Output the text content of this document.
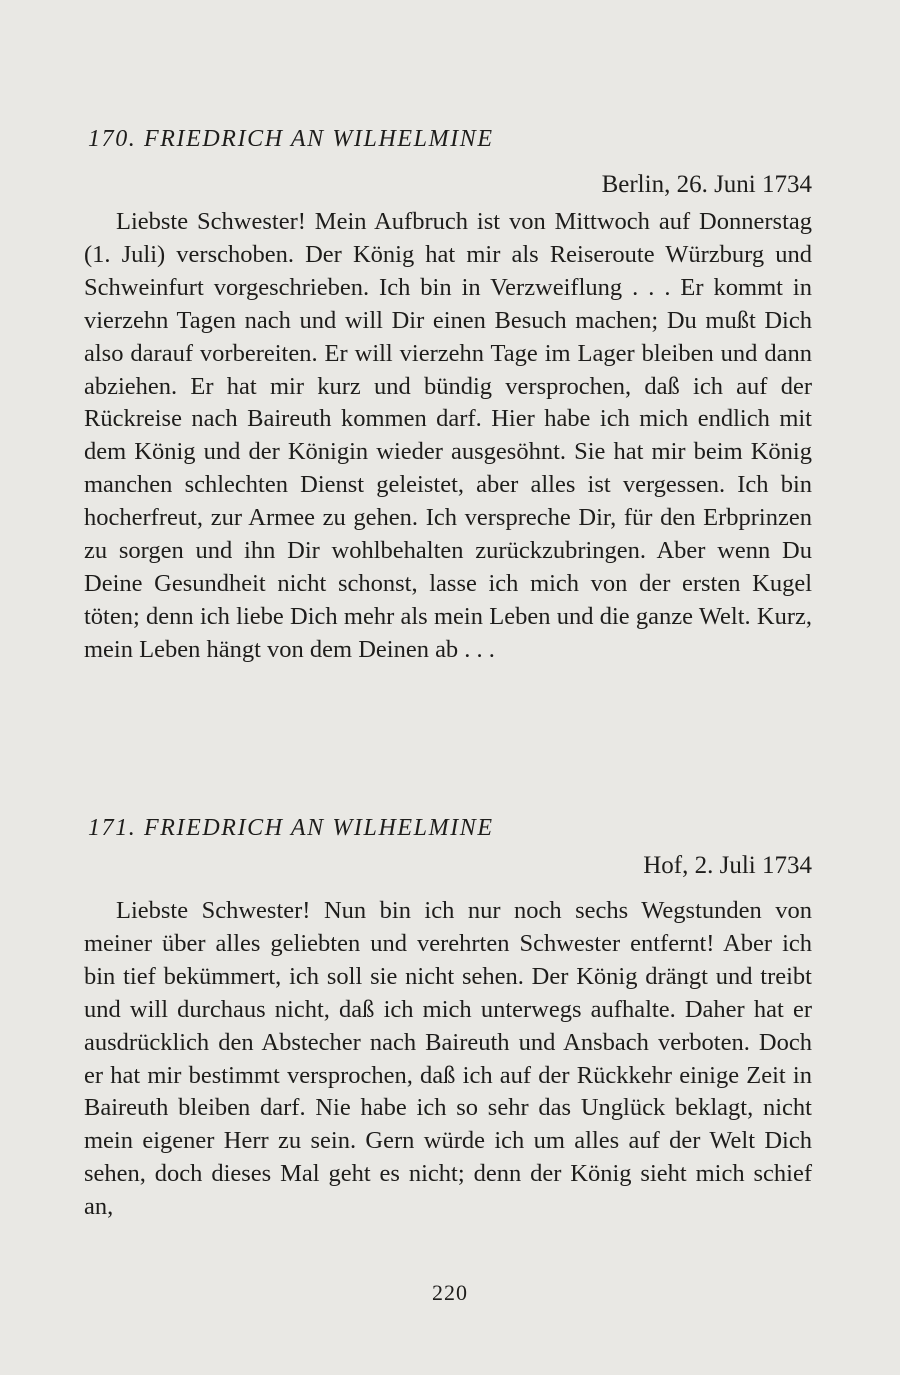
170. FRIEDRICH AN WILHELMINE
Berlin, 26. Juni 1734

Liebste Schwester! Mein Aufbruch ist von Mittwoch auf Donnerstag (1. Juli) verschoben. Der König hat mir als Reiseroute Würzburg und Schweinfurt vorgeschrieben. Ich bin in Verzweiflung . . . Er kommt in vierzehn Tagen nach und will Dir einen Besuch machen; Du mußt Dich also darauf vorbereiten. Er will vierzehn Tage im Lager bleiben und dann abziehen. Er hat mir kurz und bündig versprochen, daß ich auf der Rückreise nach Baireuth kommen darf. Hier habe ich mich endlich mit dem König und der Königin wieder ausgesöhnt. Sie hat mir beim König manchen schlechten Dienst geleistet, aber alles ist vergessen. Ich bin hocherfreut, zur Armee zu gehen. Ich verspreche Dir, für den Erbprinzen zu sorgen und ihn Dir wohlbehalten zurückzubringen. Aber wenn Du Deine Gesundheit nicht schonst, lasse ich mich von der ersten Kugel töten; denn ich liebe Dich mehr als mein Leben und die ganze Welt. Kurz, mein Leben hängt von dem Deinen ab . . .

171. FRIEDRICH AN WILHELMINE
Hof, 2. Juli 1734

Liebste Schwester! Nun bin ich nur noch sechs Wegstunden von meiner über alles geliebten und verehrten Schwester entfernt! Aber ich bin tief bekümmert, ich soll sie nicht sehen. Der König drängt und treibt und will durchaus nicht, daß ich mich unterwegs aufhalte. Daher hat er ausdrücklich den Abstecher nach Baireuth und Ansbach verboten. Doch er hat mir bestimmt versprochen, daß ich auf der Rückkehr einige Zeit in Baireuth bleiben darf. Nie habe ich so sehr das Unglück beklagt, nicht mein eigener Herr zu sein. Gern würde ich um alles auf der Welt Dich sehen, doch dieses Mal geht es nicht; denn der König sieht mich schief an,

220
